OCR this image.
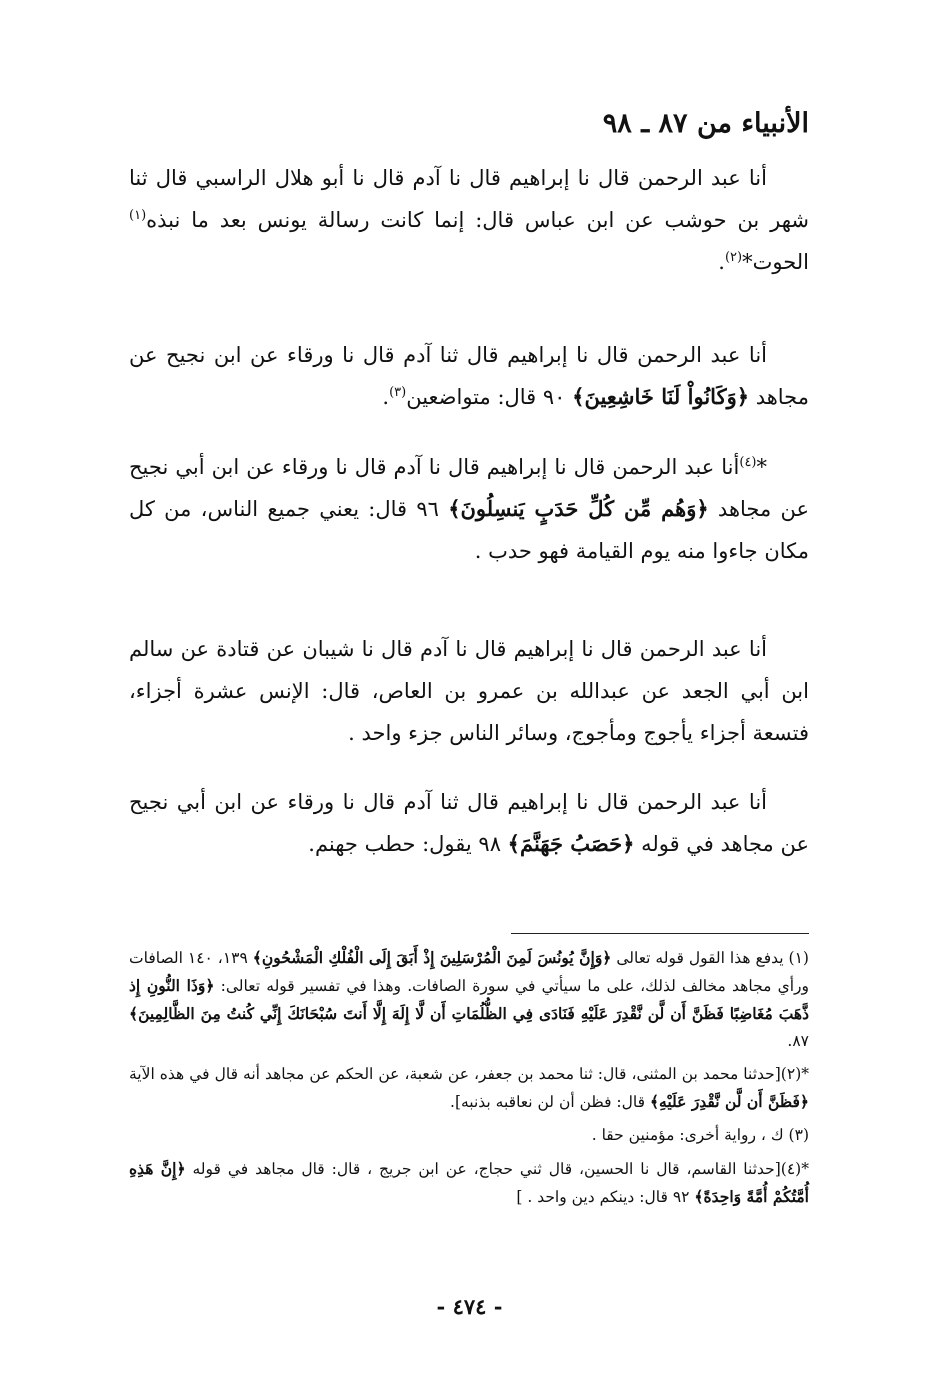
الأنبياء من ٨٧ ـ ٩٨

أنا عبد الرحمن قال نا إبراهيم قال نا آدم قال نا أبو هلال الراسبي قال ثنا شهر بن حوشب عن ابن عباس قال: إنما كانت رسالة يونس بعد ما نبذه$^{(١)}$ الحوت*$^{(٢)}$.

أنا عبد الرحمن قال نا إبراهيم قال ثنا آدم قال نا ورقاء عن ابن نجيح عن مجاهد ﴿وَكَانُواْ لَنَا خَاشِعِينَ﴾ ٩٠ قال: متواضعين$^{(٣)}$.

*$^{(٤)}$أنا عبد الرحمن قال نا إبراهيم قال نا آدم قال نا ورقاء عن ابن أبي نجيح عن مجاهد ﴿وَهُم مِّن كُلِّ حَدَبٍ يَنسِلُونَ﴾ ٩٦ قال: يعني جميع الناس، من كل مكان جاءوا منه يوم القيامة فهو حدب .

أنا عبد الرحمن قال نا إبراهيم قال نا آدم قال نا شيبان عن قتادة عن سالم ابن أبي الجعد عن عبدالله بن عمرو بن العاص، قال: الإنس عشرة أجزاء، فتسعة أجزاء يأجوج ومأجوج، وسائر الناس جزء واحد .

أنا عبد الرحمن قال نا إبراهيم قال ثنا آدم قال نا ورقاء عن ابن أبي نجيح عن مجاهد في قوله ﴿حَصَبُ جَهَنَّمَ﴾ ٩٨ يقول: حطب جهنم.

(١) يدفع هذا القول قوله تعالى ﴿وَإِنَّ يُونُسَ لَمِنَ الْمُرْسَلِينَ إِذْ أَبَقَ إِلَى الْفُلْكِ الْمَشْحُونِ﴾ ١٣٩، ١٤٠ الصافات ورأي مجاهد مخالف لذلك، على ما سيأتي في سورة الصافات. وهذا في تفسير قوله تعالى: ﴿وَذَا النُّونِ إِذ ذَّهَبَ مُغَاضِبًا فَظَنَّ أَن لَّن نَّقْدِرَ عَلَيْهِ فَنَادَى فِي الظُّلُمَاتِ أَن لَّا إِلَهَ إِلَّا أَنتَ سُبْحَانَكَ إِنِّي كُنتُ مِنَ الظَّالِمِينَ﴾ ٨٧.

*(٢)[حدثنا محمد بن المثنى، قال: ثنا محمد بن جعفر، عن شعبة، عن الحكم عن مجاهد أنه قال في هذه الآية ﴿فَظَنَّ أَن لَّن نَّقْدِرَ عَلَيْهِ﴾ قال: فظن أن لن نعاقبه بذنبه].

(٣) ك ، رواية أخرى: مؤمنين حقا .

*(٤)[حدثنا القاسم، قال نا الحسين، قال ثني حجاج، عن ابن جريج ، قال: قال مجاهد في قوله ﴿إِنَّ هَذِهِ أُمَّتُكُمْ أُمَّةً وَاحِدَةً﴾ ٩٢ قال: دينكم دين واحد . ]

- ٤٧٤ -
